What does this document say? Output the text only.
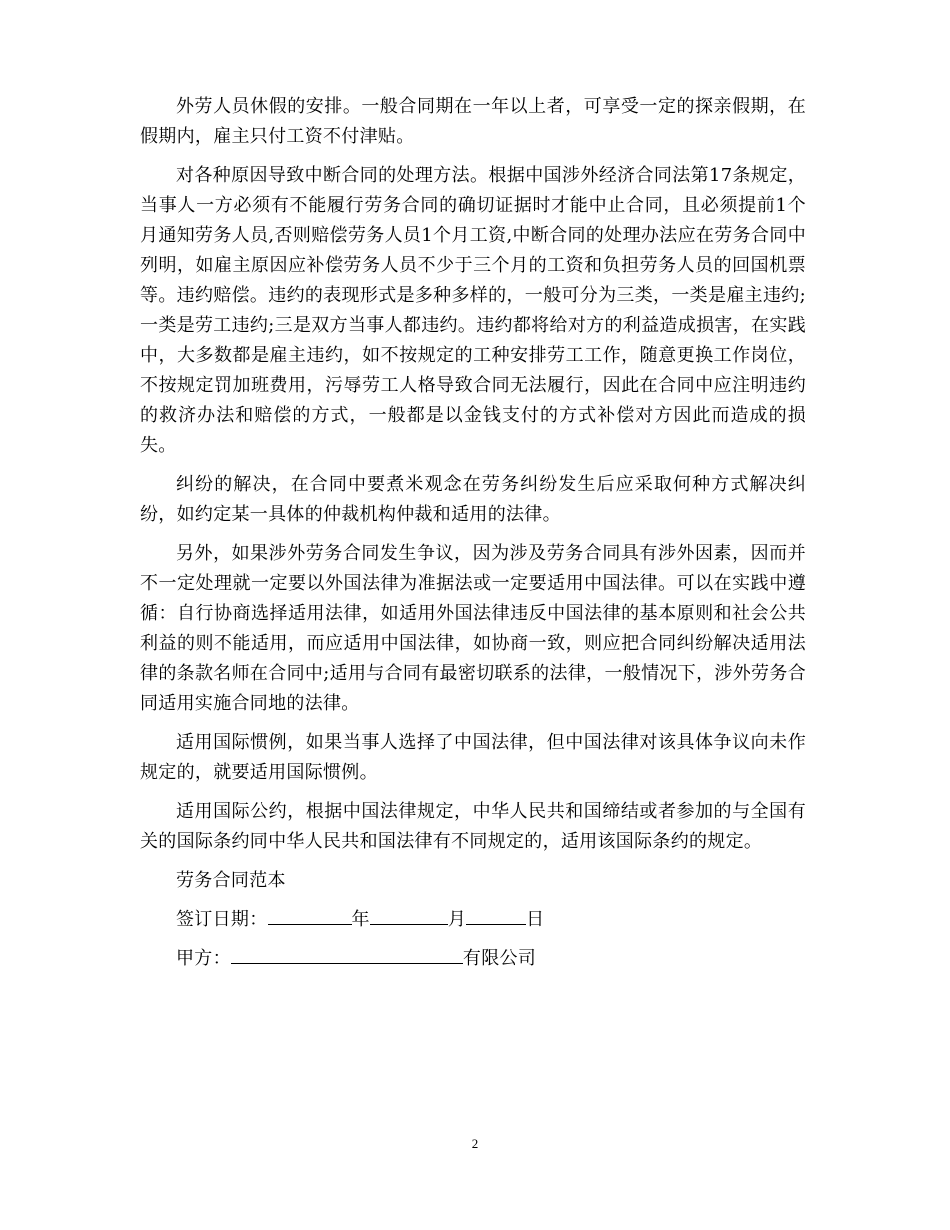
外劳人员休假的安排。一般合同期在一年以上者，可享受一定的探亲假期，在假期内，雇主只付工资不付津贴。

对各种原因导致中断合同的处理方法。根据中国涉外经济合同法第17条规定，当事人一方必须有不能履行劳务合同的确切证据时才能中止合同，且必须提前1个月通知劳务人员,否则赔偿劳务人员1个月工资,中断合同的处理办法应在劳务合同中列明，如雇主原因应补偿劳务人员不少于三个月的工资和负担劳务人员的回国机票等。违约赔偿。违约的表现形式是多种多样的，一般可分为三类，一类是雇主违约;一类是劳工违约;三是双方当事人都违约。违约都将给对方的利益造成损害，在实践中，大多数都是雇主违约，如不按规定的工种安排劳工工作，随意更换工作岗位，不按规定罚加班费用，污辱劳工人格导致合同无法履行，因此在合同中应注明违约的救济办法和赔偿的方式，一般都是以金钱支付的方式补偿对方因此而造成的损失。

纠纷的解决，在合同中要煮米观念在劳务纠纷发生后应采取何种方式解决纠纷，如约定某一具体的仲裁机构仲裁和适用的法律。

另外，如果涉外劳务合同发生争议，因为涉及劳务合同具有涉外因素，因而并不一定处理就一定要以外国法律为准据法或一定要适用中国法律。可以在实践中遵循：自行协商选择适用法律，如适用外国法律违反中国法律的基本原则和社会公共利益的则不能适用，而应适用中国法律，如协商一致，则应把合同纠纷解决适用法律的条款名师在合同中;适用与合同有最密切联系的法律，一般情况下，涉外劳务合同适用实施合同地的法律。

适用国际惯例，如果当事人选择了中国法律，但中国法律对该具体争议向未作规定的，就要适用国际惯例。

适用国际公约，根据中国法律规定，中华人民共和国缔结或者参加的与全国有关的国际条约同中华人民共和国法律有不同规定的，适用该国际条约的规定。

劳务合同范本

签订日期：	年	月	日

甲方：	有限公司

2
